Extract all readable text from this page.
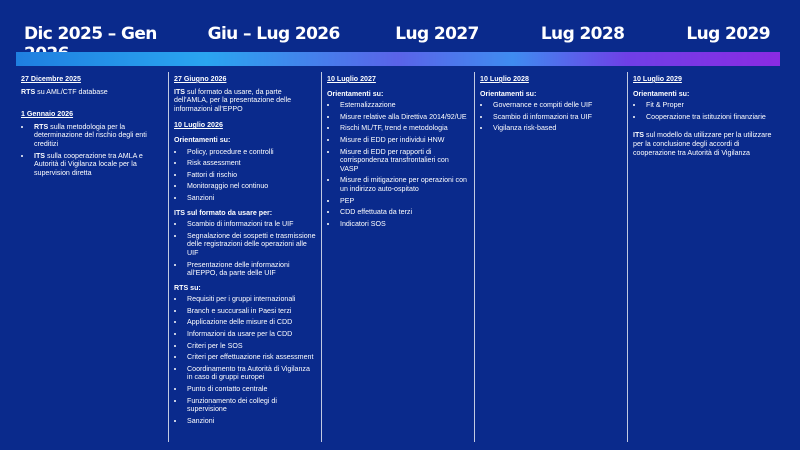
Dic 2025 – Gen	Giu – Lug 2026	Lug 2027	Lug 2028	Lug 2029

27 Dicembre 2025

RTS su AML/CTF database

1 Gennaio 2026

• RTS sulla metodologia per la determinazione del rischio degli enti creditizi
• ITS sulla cooperazione tra AMLA e Autorità di Vigilanza locale per la supervision diretta

27 Giugno 2026

ITS sul formato da usare, da parte dell’AMLA, per la presentazione delle informazioni all’EPPO

10 Luglio 2026

Orientamenti su:

• Policy, procedure e controlli
• Risk assessment
• Fattori di rischio
• Monitoraggio nel continuo
• Sanzioni

ITS sul formato da usare per:

• Scambio di informazioni tra le UIF
• Segnalazione dei sospetti e trasmissione delle registrazioni delle operazioni alle UIF
• Presentazione delle informazioni all’EPPO, da parte delle UIF

RTS su:

• Requisiti per i gruppi internazionali
• Branch e succursali in Paesi terzi
• Applicazione delle misure di CDD
• Informazioni da usare per la CDD
• Criteri per le SOS
• Criteri per effettuazione risk assessment
• Coordinamento tra Autorità di Vigilanza in caso di gruppi europei
• Punto di contatto centrale
• Funzionamento dei collegi di supervisione
• Sanzioni

10 Luglio 2027

Orientamenti su:

• Esternalizzazione
• Misure relative alla Direttiva 2014/92/UE
• Rischi ML/TF, trend e metodologia
• Misure di EDD per individui HNW
• Misure di EDD per rapporti di corrispondenza transfrontalieri con VASP
• Misure di mitigazione per operazioni con un indirizzo auto-ospitato
• PEP
• CDD effettuata da terzi
• Indicatori SOS

10 Luglio 2028

Orientamenti su:

• Governance e compiti delle UIF
• Scambio di informazioni tra UIF
• Vigilanza risk-based

10 Luglio 2029

Orientamenti su:

• Fit & Proper
• Cooperazione tra istituzioni finanziarie

ITS sul modello da utilizzare per la utilizzare per la conclusione degli accordi di cooperazione tra Autorità di Vigilanza
